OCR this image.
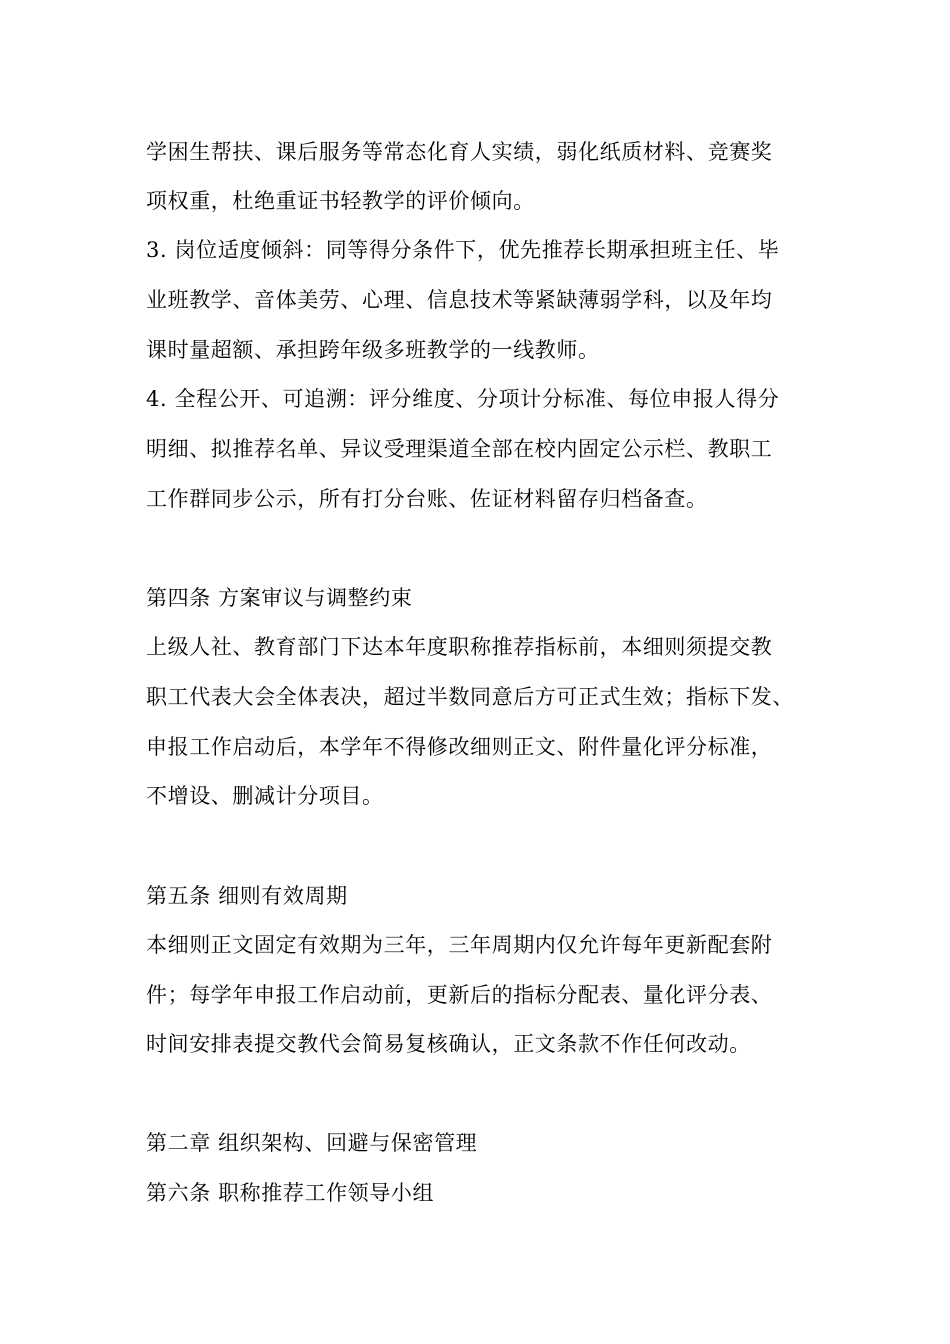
学困生帮扶、课后服务等常态化育人实绩，弱化纸质材料、竞赛奖
项权重，杜绝重证书轻教学的评价倾向。
3. 岗位适度倾斜：同等得分条件下，优先推荐长期承担班主任、毕
业班教学、音体美劳、心理、信息技术等紧缺薄弱学科，以及年均
课时量超额、承担跨年级多班教学的一线教师。
4. 全程公开、可追溯：评分维度、分项计分标准、每位申报人得分
明细、拟推荐名单、异议受理渠道全部在校内固定公示栏、教职工
工作群同步公示，所有打分台账、佐证材料留存归档备查。
第四条 方案审议与调整约束
上级人社、教育部门下达本年度职称推荐指标前，本细则须提交教
职工代表大会全体表决，超过半数同意后方可正式生效；指标下发、
申报工作启动后，本学年不得修改细则正文、附件量化评分标准，
不增设、删减计分项目。
第五条 细则有效周期
本细则正文固定有效期为三年，三年周期内仅允许每年更新配套附
件；每学年申报工作启动前，更新后的指标分配表、量化评分表、
时间安排表提交教代会简易复核确认，正文条款不作任何改动。
第二章 组织架构、回避与保密管理
第六条 职称推荐工作领导小组
